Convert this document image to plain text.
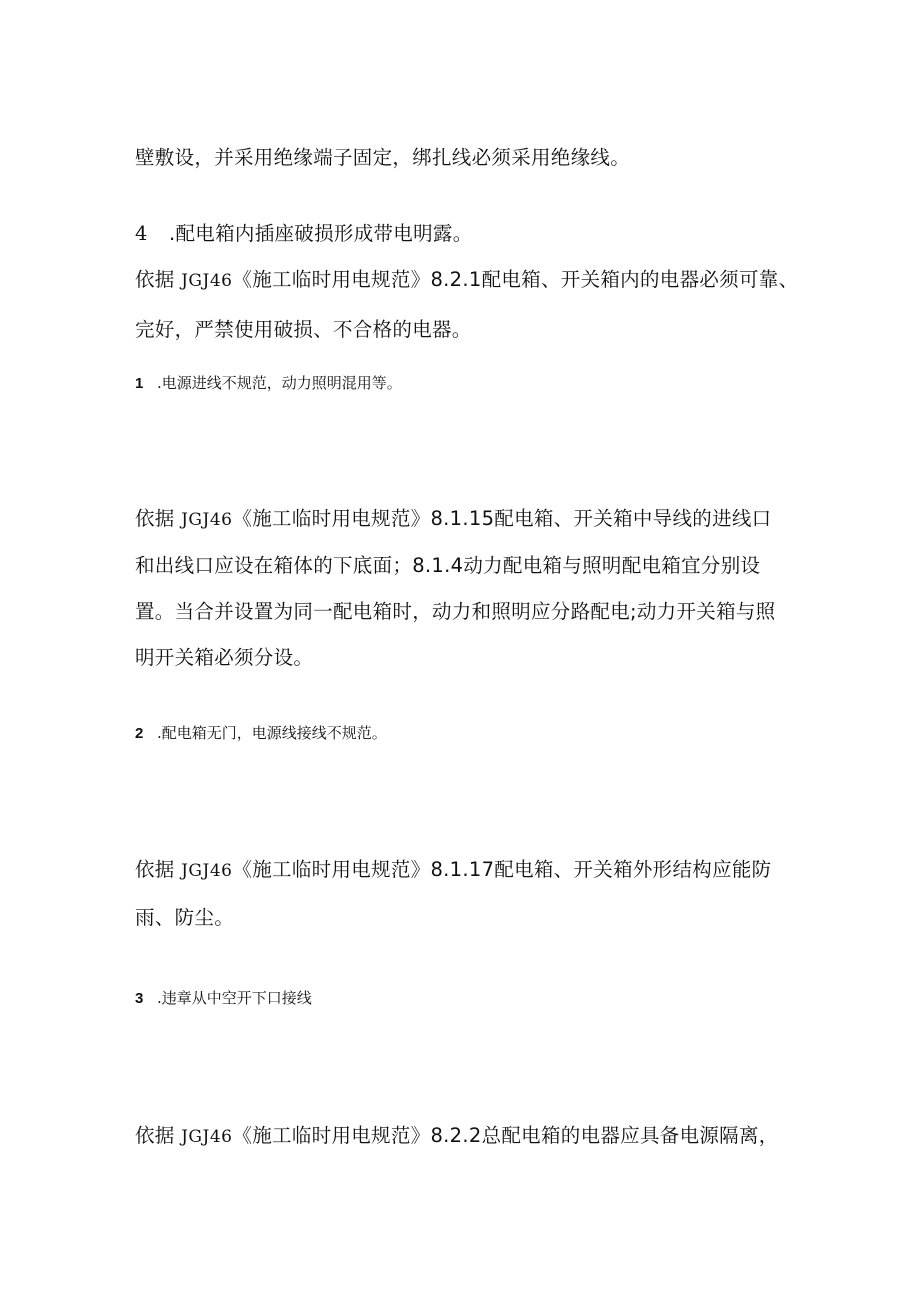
壁敷设，并采用绝缘端子固定，绑扎线必须采用绝缘线。
4 .配电箱内插座破损形成带电明露。
依据 JGJ46《施工临时用电规范》8.2.1配电箱、开关箱内的电器必须可靠、
完好，严禁使用破损、不合格的电器。
1 .电源进线不规范，动力照明混用等。
依据 JGJ46《施工临时用电规范》8.1.15配电箱、开关箱中导线的进线口
和出线口应设在箱体的下底面；8.1.4动力配电箱与照明配电箱宜分别设
置。当合并设置为同一配电箱时，动力和照明应分路配电;动力开关箱与照
明开关箱必须分设。
2 .配电箱无门，电源线接线不规范。
依据 JGJ46《施工临时用电规范》8.1.17配电箱、开关箱外形结构应能防
雨、防尘。
3 .违章从中空开下口接线
依据 JGJ46《施工临时用电规范》8.2.2总配电箱的电器应具备电源隔离，
